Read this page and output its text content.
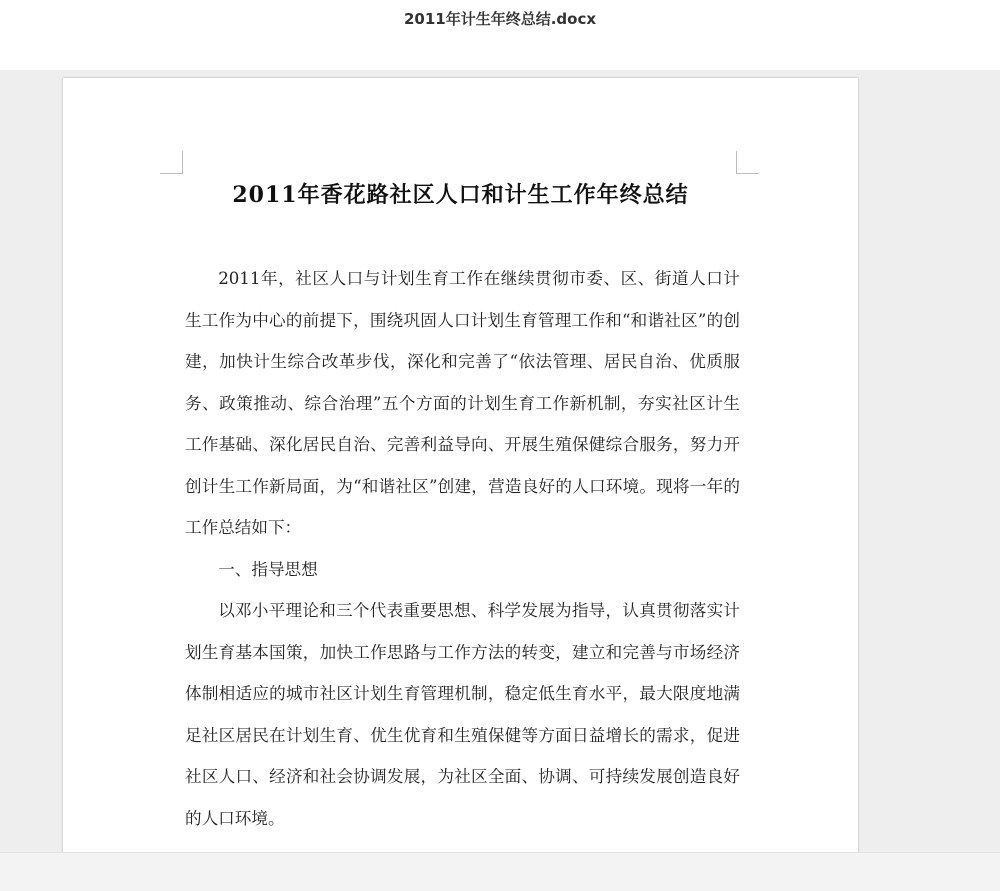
2011年计生年终总结.docx
2011年香花路社区人口和计生工作年终总结

2011年，社区人口与计划生育工作在继续贯彻市委、区、街道人口计生工作为中心的前提下，围绕巩固人口计划生育管理工作和“和谐社区”的创建，加快计生综合改革步伐，深化和完善了“依法管理、居民自治、优质服务、政策推动、综合治理”五个方面的计划生育工作新机制，夯实社区计生工作基础、深化居民自治、完善利益导向、开展生殖保健综合服务，努力开创计生工作新局面，为“和谐社区”创建，营造良好的人口环境。现将一年的工作总结如下：

一、指导思想

以邓小平理论和三个代表重要思想、科学发展为指导，认真贯彻落实计划生育基本国策，加快工作思路与工作方法的转变，建立和完善与市场经济体制相适应的城市社区计划生育管理机制，稳定低生育水平，最大限度地满足社区居民在计划生育、优生优育和生殖保健等方面日益增长的需求，促进社区人口、经济和社会协调发展，为社区全面、协调、可持续发展创造良好的人口环境。
